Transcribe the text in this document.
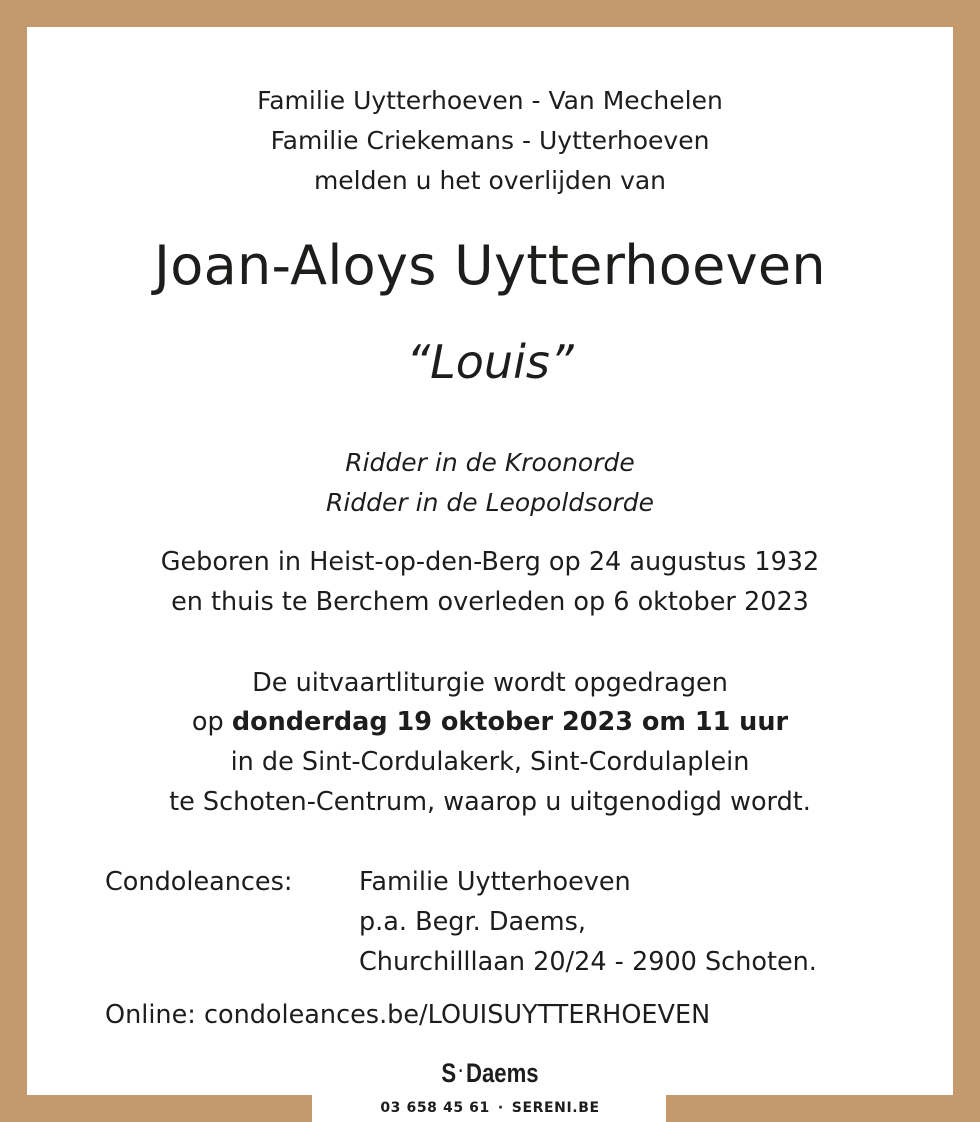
Familie Uytterhoeven - Van Mechelen
Familie Criekemans - Uytterhoeven
melden u het overlijden van
Joan-Aloys Uytterhoeven
“Louis”
Ridder in de Kroonorde
Ridder in de Leopoldsorde
Geboren in Heist-op-den-Berg op 24 augustus 1932
en thuis te Berchem overleden op 6 oktober 2023
De uitvaartliturgie wordt opgedragen
op donderdag 19 oktober 2023 om 11 uur
in de Sint-Cordulakerk, Sint-Cordulaplein
te Schoten-Centrum, waarop u uitgenodigd wordt.
Condoleances:	Familie Uytterhoeven
p.a. Begr. Daems,
Churchilllaan 20/24 - 2900 Schoten.
Online: condoleances.be/LOUISUYTTERHOEVEN
S ·Daems
03 658 45 61 · SERENI.BE
